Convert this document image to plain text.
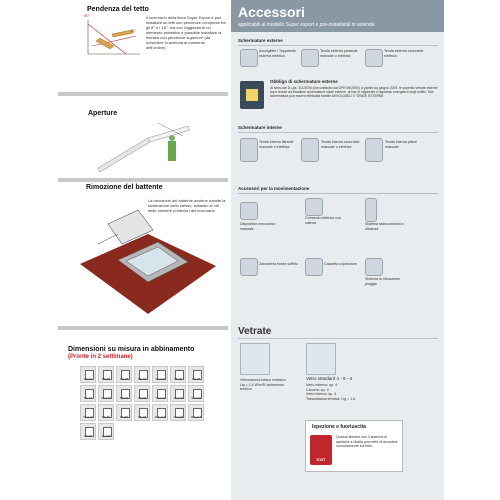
Pendenza del tetto
90°
15°
Il lucernario della linea Super Export è può installare su tetti con pendenze comprese fra gli 8° e i 18°, ma con l'aggiunta di un elemento protettivo è possibile installare la finestra con pendenze superiori* (da richiedere in azienda al momento dell'ordine).
Aperture
Rimozione del battente
La rimozione del battente avviene tramite la sostituzione dello stesso, svitando le viti delle cerniere posteriori del lucernario.
Dimensioni su misura in abbinamento
(Pronte in 2 settimane)
45x45	55x55	55x78	55x98	66x118	78x98	55x78
55x78	55x118	55x78	78x98	78x118	78x118	94x118
55x118	66x55	94x55	78x78	114x118	78x118	114x118
78x98	114x98
Accessori
applicabili al modello Super export e pre-installabili in azienda
Schermature esterne
Avvolgibile / Tapparella esterna elettrica
Tenda esterna parasole manuale o elettrica
Tenda esterna oscurante elettrica
Obbligo di schermature esterne
Ai sensi del D.Lgs. 311/2006 (ora sostituito dal DPR 59/2009), a partire da giugno 2009, le superfici vetrate esterne sono tenute ad installare schermature solari esterne, al fine di migliorare il risparmio energetico degli edifici. Tale schermatura può essere effettuata tramite AVVOLGIBILI E TENDE ESTERNE.
Schermature interne
Tenda interna filtrante manuale o elettrica
Tenda interna oscurante manuale o elettrica
Tenda interna plissé manuale
Accessori per la movimentazione
Dispositivo meccanico manuale
Comando elettrico con catena	Sistema radiocomandi a distanza
Zanzariera fronte soffitto	Cassetta copimotore
Sistema di rilevazione pioggia
Vetrate
Vetro standard 4 - 9 - 4
Vetrocamera basso emissivo Ug = 1,4 W/m²K isolamento termico
Vetro esterno: sp. 4
Camera: sp. 9
Vetro interno: sp. 4
Trasmittanza termica: Ug = 1,6
Ispezione e fuoriuscita
EXIT
Questa finestra con il sistema di apertura a ribalta permette di accedere comodamente sul tetto.
